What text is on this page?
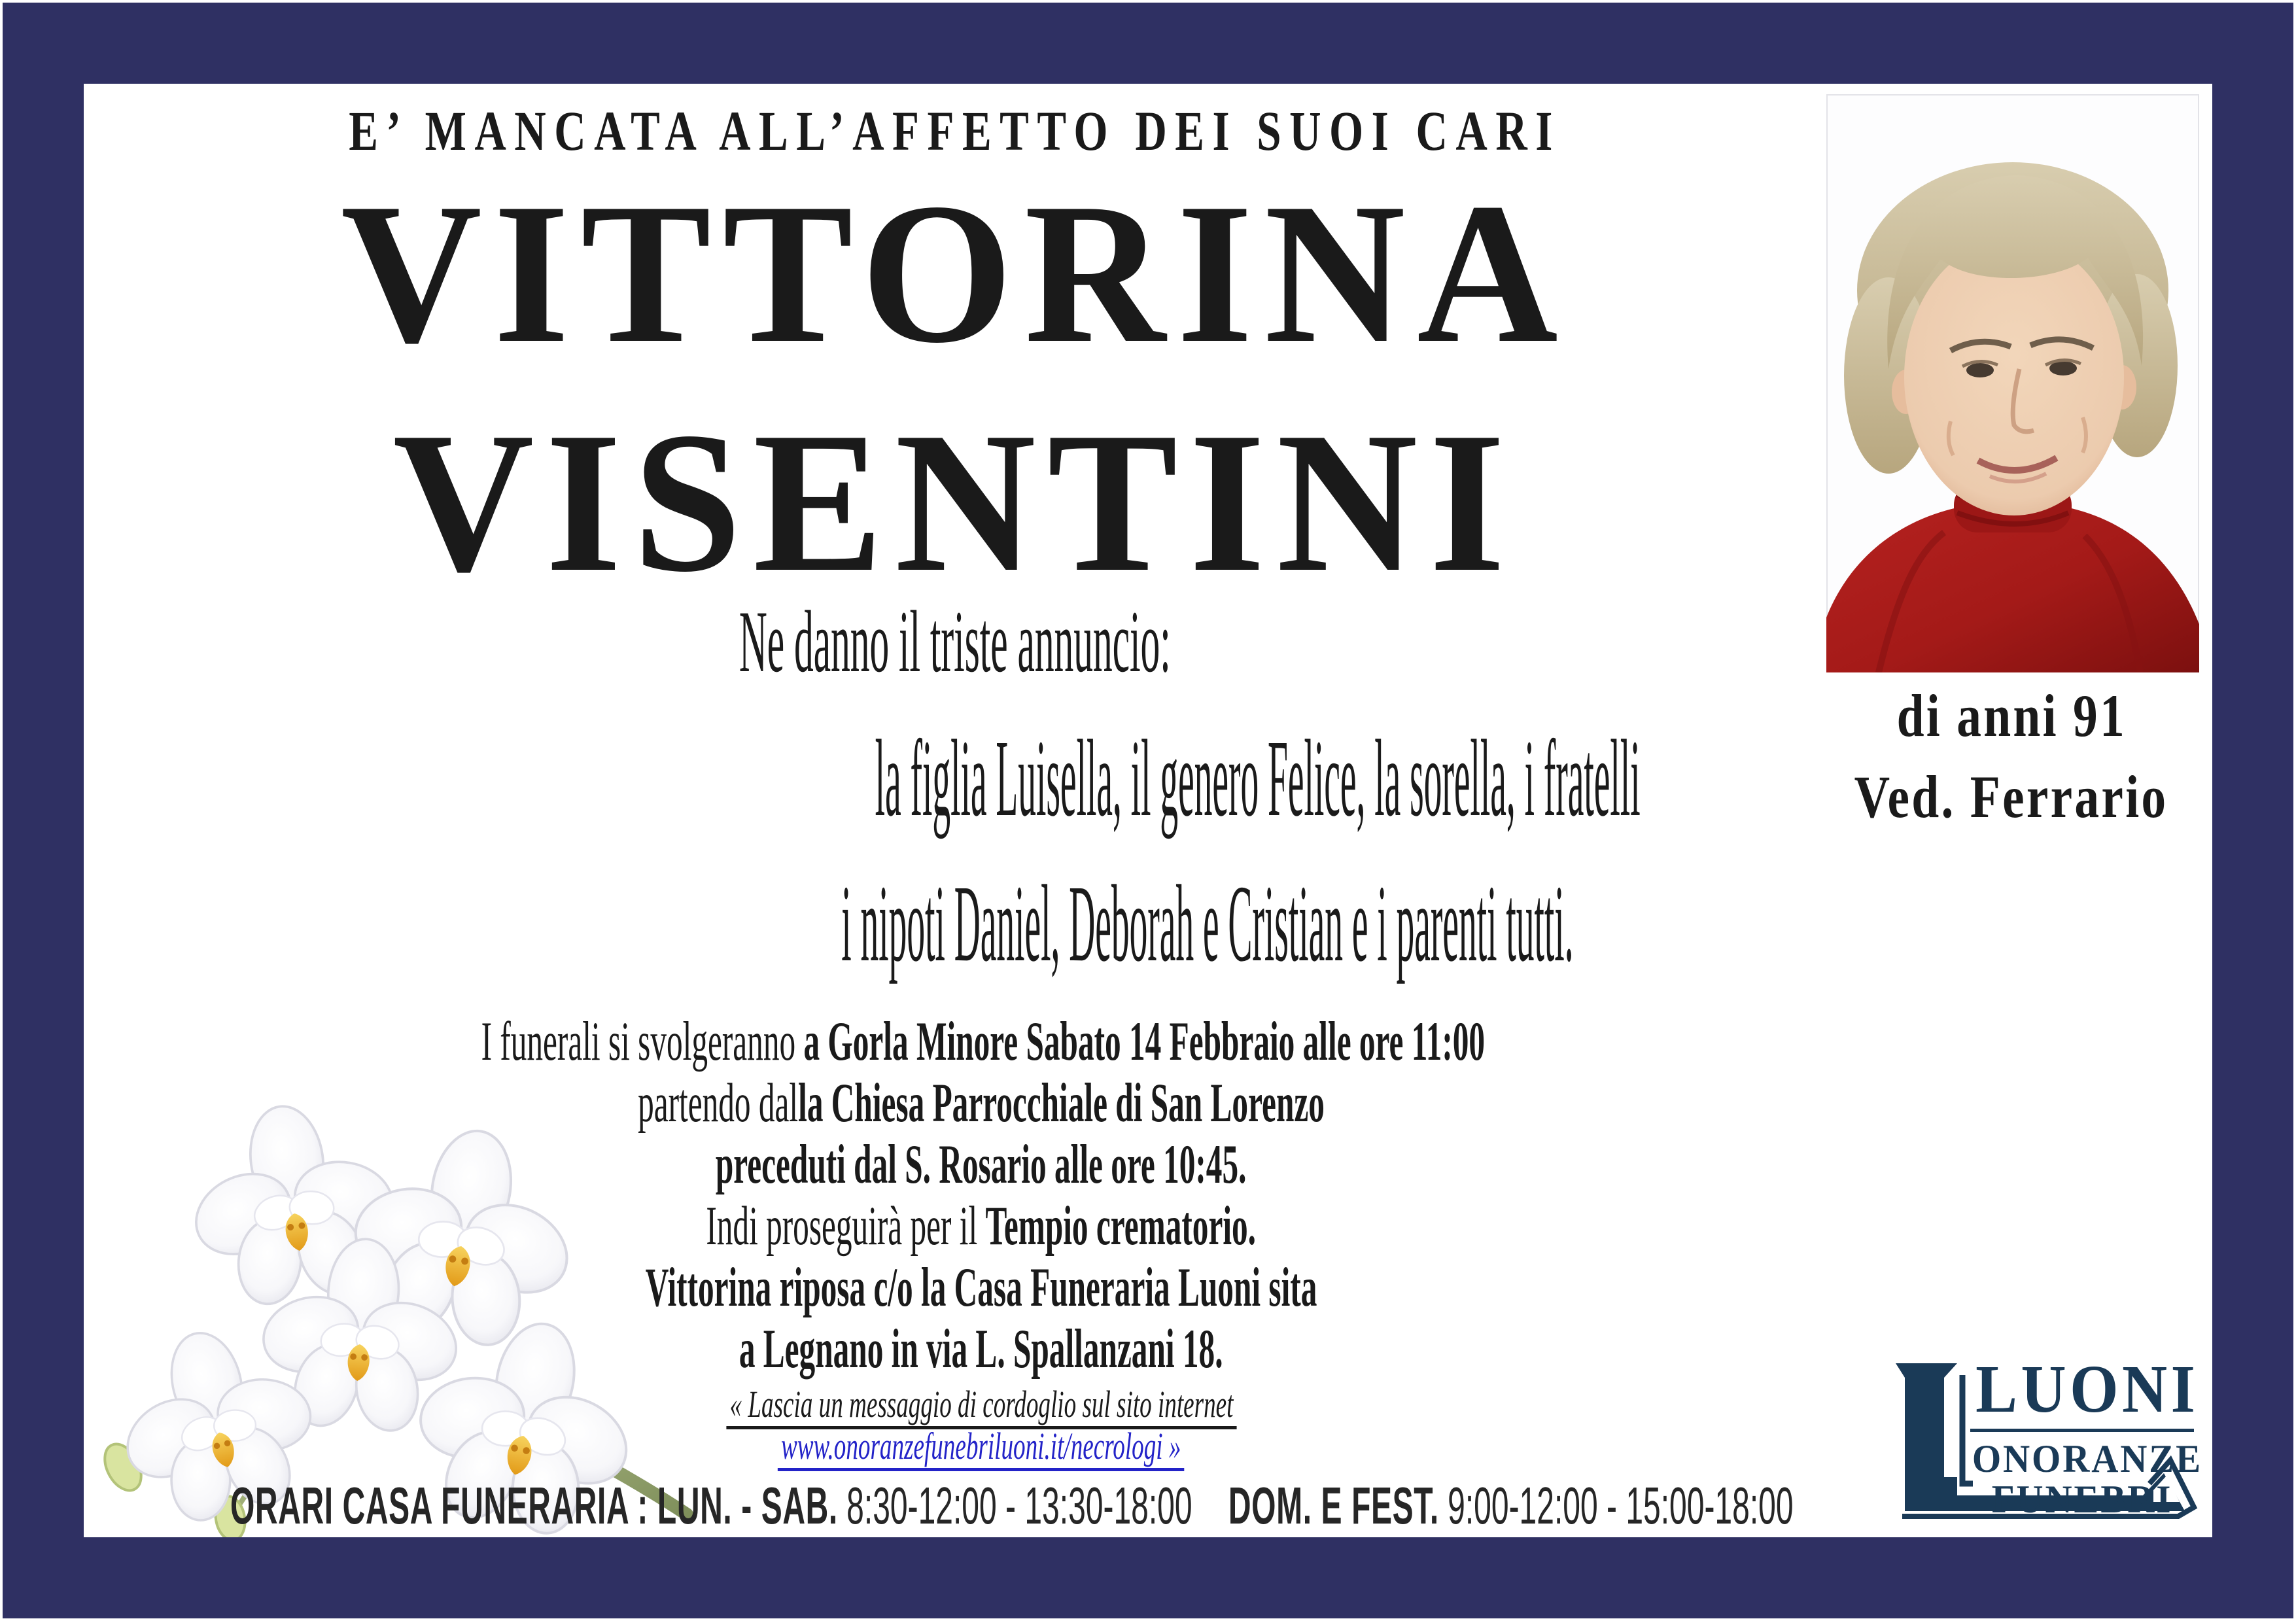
E’ MANCATA ALL’AFFETTO DEI SUOI CARI
VITTORINA
VISENTINI
Ne danno il triste annuncio:
la figlia Luisella, il genero Felice, la sorella, i fratelli
i nipoti Daniel, Deborah e Cristian e i parenti tutti.
I funerali si svolgeranno a Gorla Minore Sabato 14 Febbraio alle ore 11:00
partendo dalla Chiesa Parrocchiale di San Lorenzo
preceduti dal S. Rosario alle ore 10:45.
Indi proseguirà per il Tempio crematorio.
Vittorina riposa c/o la Casa Funeraria Luoni sita
a Legnano in via L. Spallanzani 18.
« Lascia un messaggio di cordoglio sul sito internet
www.onoranzefunebriluoni.it/necrologi »
di anni 91
Ved. Ferrario
ORARI CASA FUNERARIA : LUN. - SAB. 8:30-12:00 - 13:30-18:00 DOM. E FEST. 9:00-12:00 - 15:00-18:00
LUONI
ONORANZE
FUNEBRI
